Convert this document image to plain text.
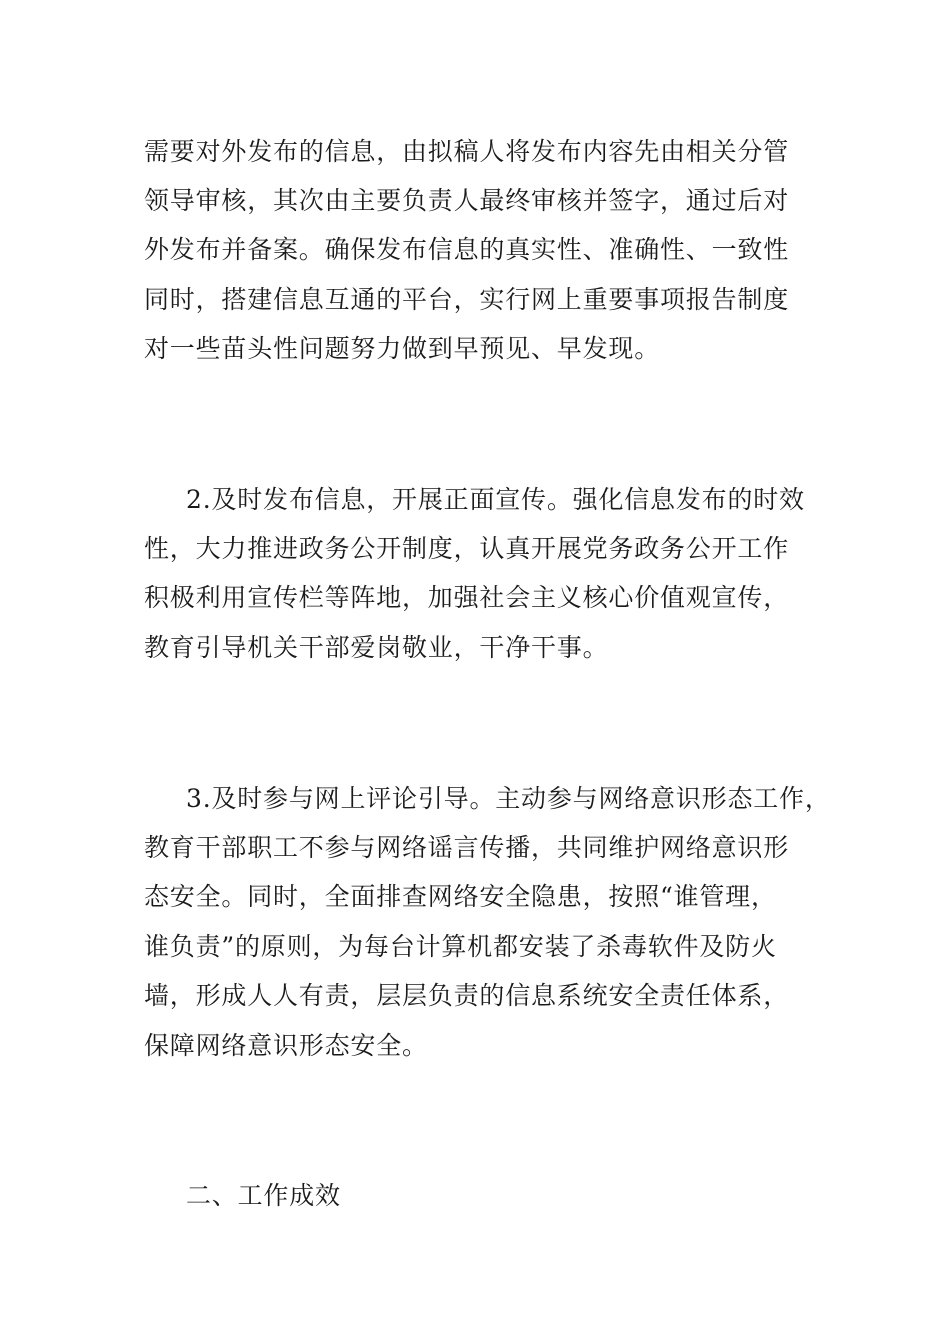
需要对外发布的信息，由拟稿人将发布内容先由相关分管
领导审核，其次由主要负责人最终审核并签字，通过后对
外发布并备案。确保发布信息的真实性、准确性、一致性
同时，搭建信息互通的平台，实行网上重要事项报告制度
对一些苗头性问题努力做到早预见、早发现。
2.及时发布信息，开展正面宣传。强化信息发布的时效
性，大力推进政务公开制度，认真开展党务政务公开工作
积极利用宣传栏等阵地，加强社会主义核心价值观宣传，
教育引导机关干部爱岗敬业，干净干事。
3.及时参与网上评论引导。主动参与网络意识形态工作，
教育干部职工不参与网络谣言传播，共同维护网络意识形
态安全。同时，全面排查网络安全隐患，按照“谁管理，
谁负责”的原则，为每台计算机都安装了杀毒软件及防火
墙，形成人人有责，层层负责的信息系统安全责任体系，
保障网络意识形态安全。
二、工作成效
